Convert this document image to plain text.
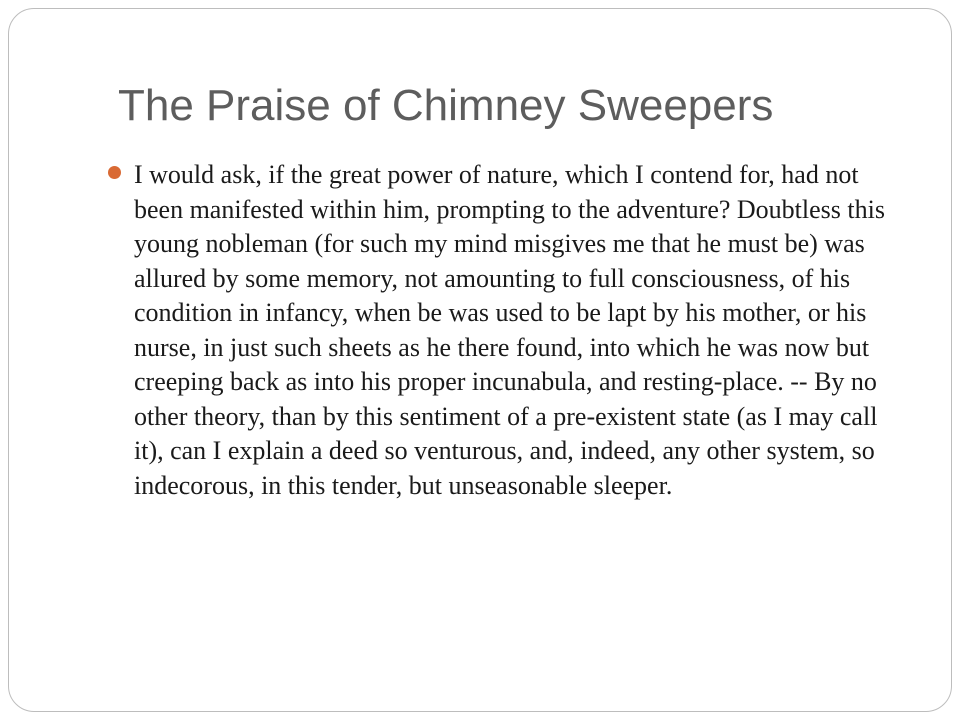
The Praise of Chimney Sweepers
I would ask, if the great power of nature, which I contend for, had not been manifested within him, prompting to the adventure? Doubtless this young nobleman (for such my mind misgives me that he must be) was allured by some memory, not amounting to full consciousness, of his condition in infancy, when be was used to be lapt by his mother, or his nurse, in just such sheets as he there found, into which he was now but creeping back as into his proper incunabula, and resting-place. -- By no other theory, than by this sentiment of a pre-existent state (as I may call it), can I explain a deed so venturous, and, indeed, any other system, so indecorous, in this tender, but unseasonable sleeper.
